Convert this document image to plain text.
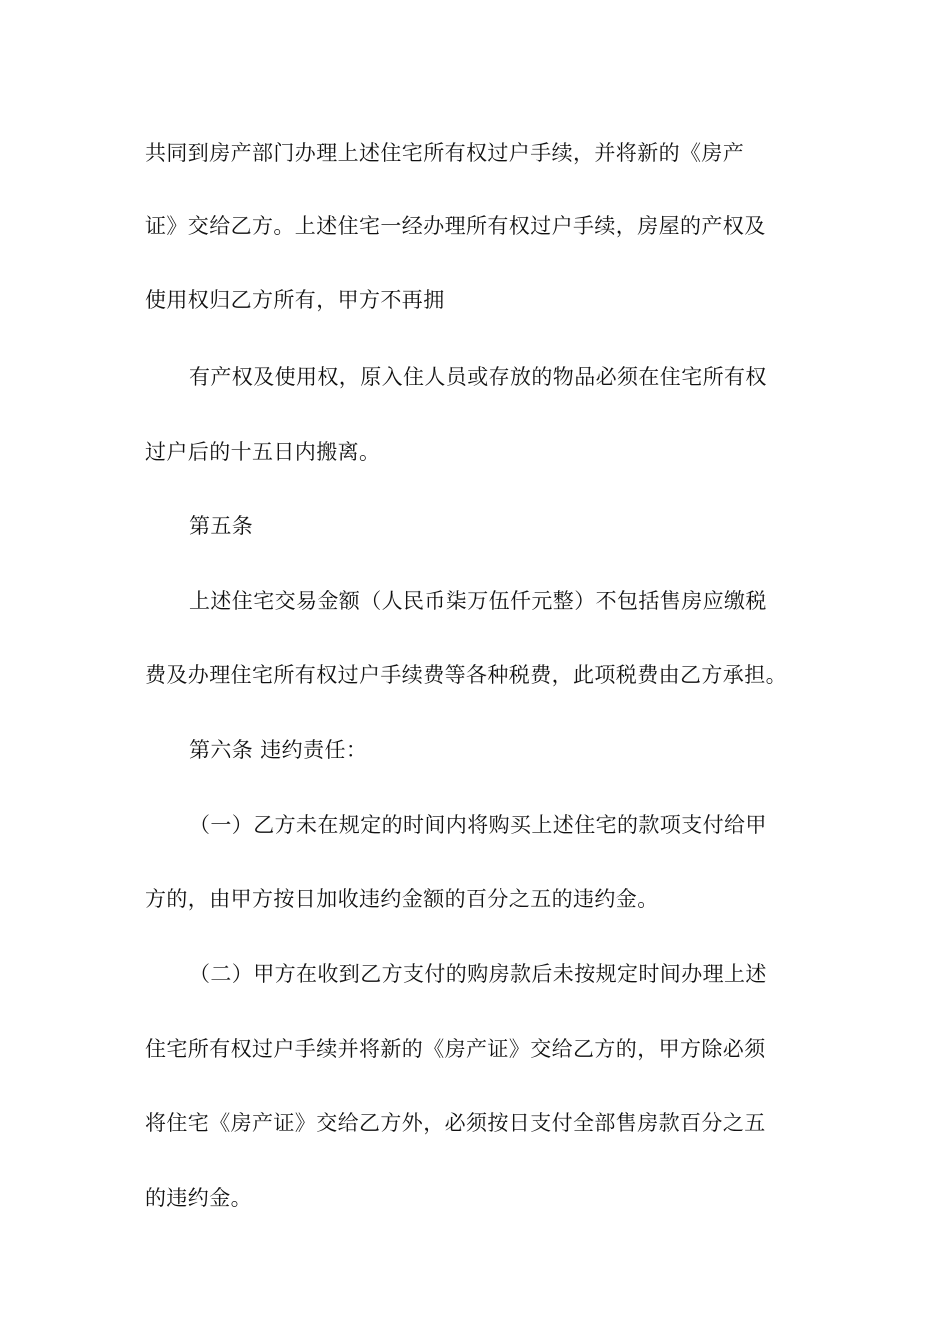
共同到房产部门办理上述住宅所有权过户手续，并将新的《房产
证》交给乙方。上述住宅一经办理所有权过户手续，房屋的产权及
使用权归乙方所有，甲方不再拥
有产权及使用权，原入住人员或存放的物品必须在住宅所有权
过户后的十五日内搬离。
第五条
上述住宅交易金额（人民币柒万伍仟元整）不包括售房应缴税
费及办理住宅所有权过户手续费等各种税费，此项税费由乙方承担。
第六条 违约责任：
（一）乙方未在规定的时间内将购买上述住宅的款项支付给甲
方的，由甲方按日加收违约金额的百分之五的违约金。
（二）甲方在收到乙方支付的购房款后未按规定时间办理上述
住宅所有权过户手续并将新的《房产证》交给乙方的，甲方除必须
将住宅《房产证》交给乙方外，必须按日支付全部售房款百分之五
的违约金。
